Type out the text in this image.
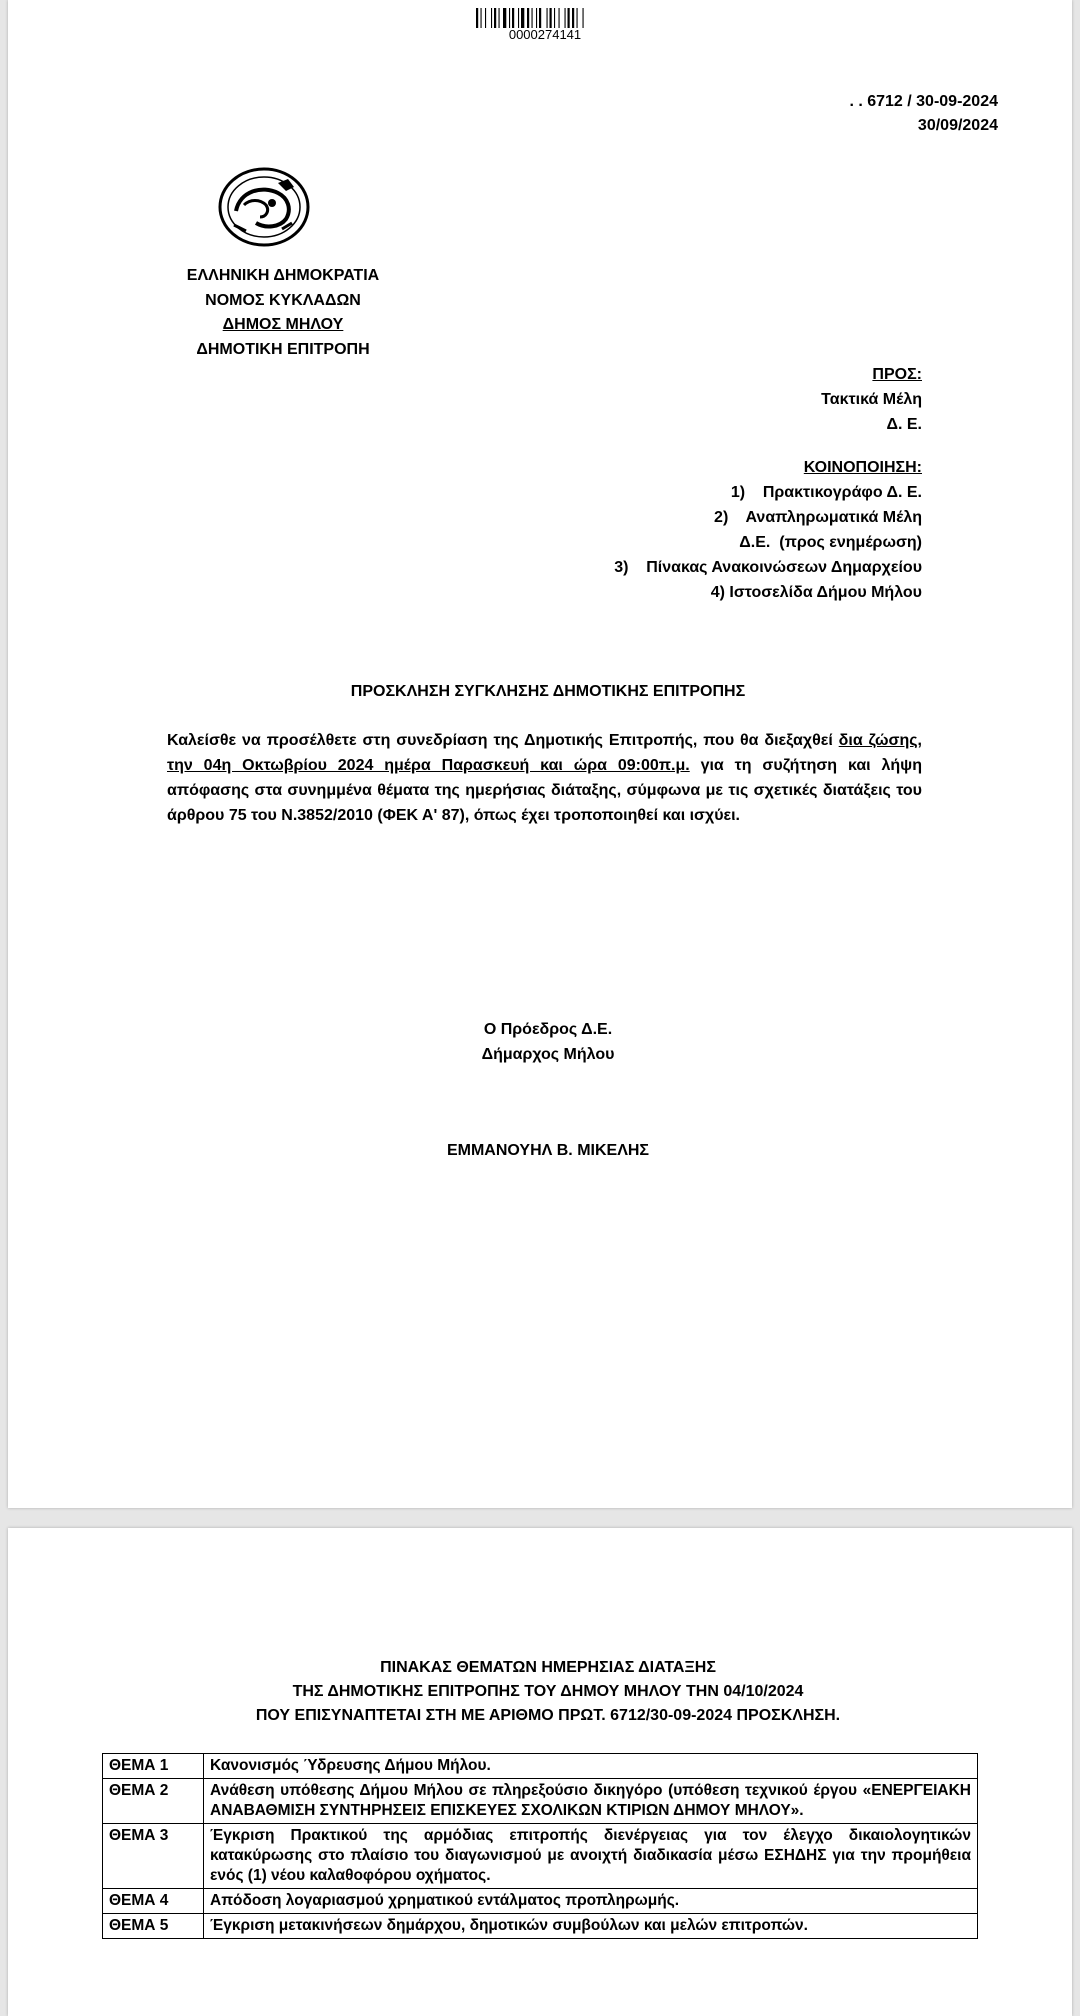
0000274141
. . 6712 / 30-09-2024
30/09/2024
ΕΛΛΗΝΙΚΗ ΔΗΜΟΚΡΑΤΙΑ
ΝΟΜΟΣ ΚΥΚΛΑΔΩΝ
ΔΗΜΟΣ ΜΗΛΟΥ
ΔΗΜΟΤΙΚΗ ΕΠΙΤΡΟΠΗ
ΠΡΟΣ:
Τακτικά Μέλη
Δ. Ε.
ΚΟΙΝΟΠΟΙΗΣΗ:
1)    Πρακτικογράφο Δ. Ε.
2)    Αναπληρωματικά Μέλη
Δ.Ε.  (προς ενημέρωση)
3)    Πίνακας Ανακοινώσεων Δημαρχείου
4) Ιστοσελίδα Δήμου Μήλου
ΠΡΟΣΚΛΗΣΗ ΣΥΓΚΛΗΣΗΣ ΔΗΜΟΤΙΚΗΣ ΕΠΙΤΡΟΠΗΣ
Καλείσθε να προσέλθετε στη συνεδρίαση της Δημοτικής Επιτροπής, που θα διεξαχθεί δια ζώσης, την 04η Οκτωβρίου 2024 ημέρα Παρασκευή και ώρα 09:00π.μ. για τη συζήτηση και λήψη απόφασης στα συνημμένα θέματα της ημερήσιας διάταξης, σύμφωνα με τις σχετικές διατάξεις του άρθρου 75 του Ν.3852/2010 (ΦΕΚ Α' 87), όπως έχει τροποποιηθεί και ισχύει.
Ο Πρόεδρος Δ.Ε.
Δήμαρχος Μήλου
ΕΜΜΑΝΟΥΗΛ Β. ΜΙΚΕΛΗΣ
ΠΙΝΑΚΑΣ ΘΕΜΑΤΩΝ ΗΜΕΡΗΣΙΑΣ ΔΙΑΤΑΞΗΣ
ΤΗΣ ΔΗΜΟΤΙΚΗΣ ΕΠΙΤΡΟΠΗΣ ΤΟΥ ΔΗΜΟΥ ΜΗΛΟΥ ΤΗΝ 04/10/2024
ΠΟΥ ΕΠΙΣΥΝΑΠΤΕΤΑΙ ΣΤΗ ΜΕ ΑΡΙΘΜΟ ΠΡΩΤ. 6712/30-09-2024 ΠΡΟΣΚΛΗΣΗ.
ΘΕΜΑ 1	Κανονισμός Ύδρευσης Δήμου Μήλου.
ΘΕΜΑ 2	Ανάθεση υπόθεσης Δήμου Μήλου σε πληρεξούσιο δικηγόρο (υπόθεση τεχνικού έργου «ΕΝΕΡΓΕΙΑΚΗ ΑΝΑΒΑΘΜΙΣΗ ΣΥΝΤΗΡΗΣΕΙΣ ΕΠΙΣΚΕΥΕΣ ΣΧΟΛΙΚΩΝ ΚΤΙΡΙΩΝ ΔΗΜΟΥ ΜΗΛΟΥ».
ΘΕΜΑ 3	Έγκριση Πρακτικού της αρμόδιας επιτροπής διενέργειας για τον έλεγχο δικαιολογητικών κατακύρωσης στο πλαίσιο του διαγωνισμού με ανοιχτή διαδικασία μέσω ΕΣΗΔΗΣ για την προμήθεια ενός (1) νέου καλαθοφόρου οχήματος.
ΘΕΜΑ 4	Απόδοση λογαριασμού χρηματικού εντάλματος προπληρωμής.
ΘΕΜΑ 5	Έγκριση μετακινήσεων δημάρχου, δημοτικών συμβούλων και μελών επιτροπών.
